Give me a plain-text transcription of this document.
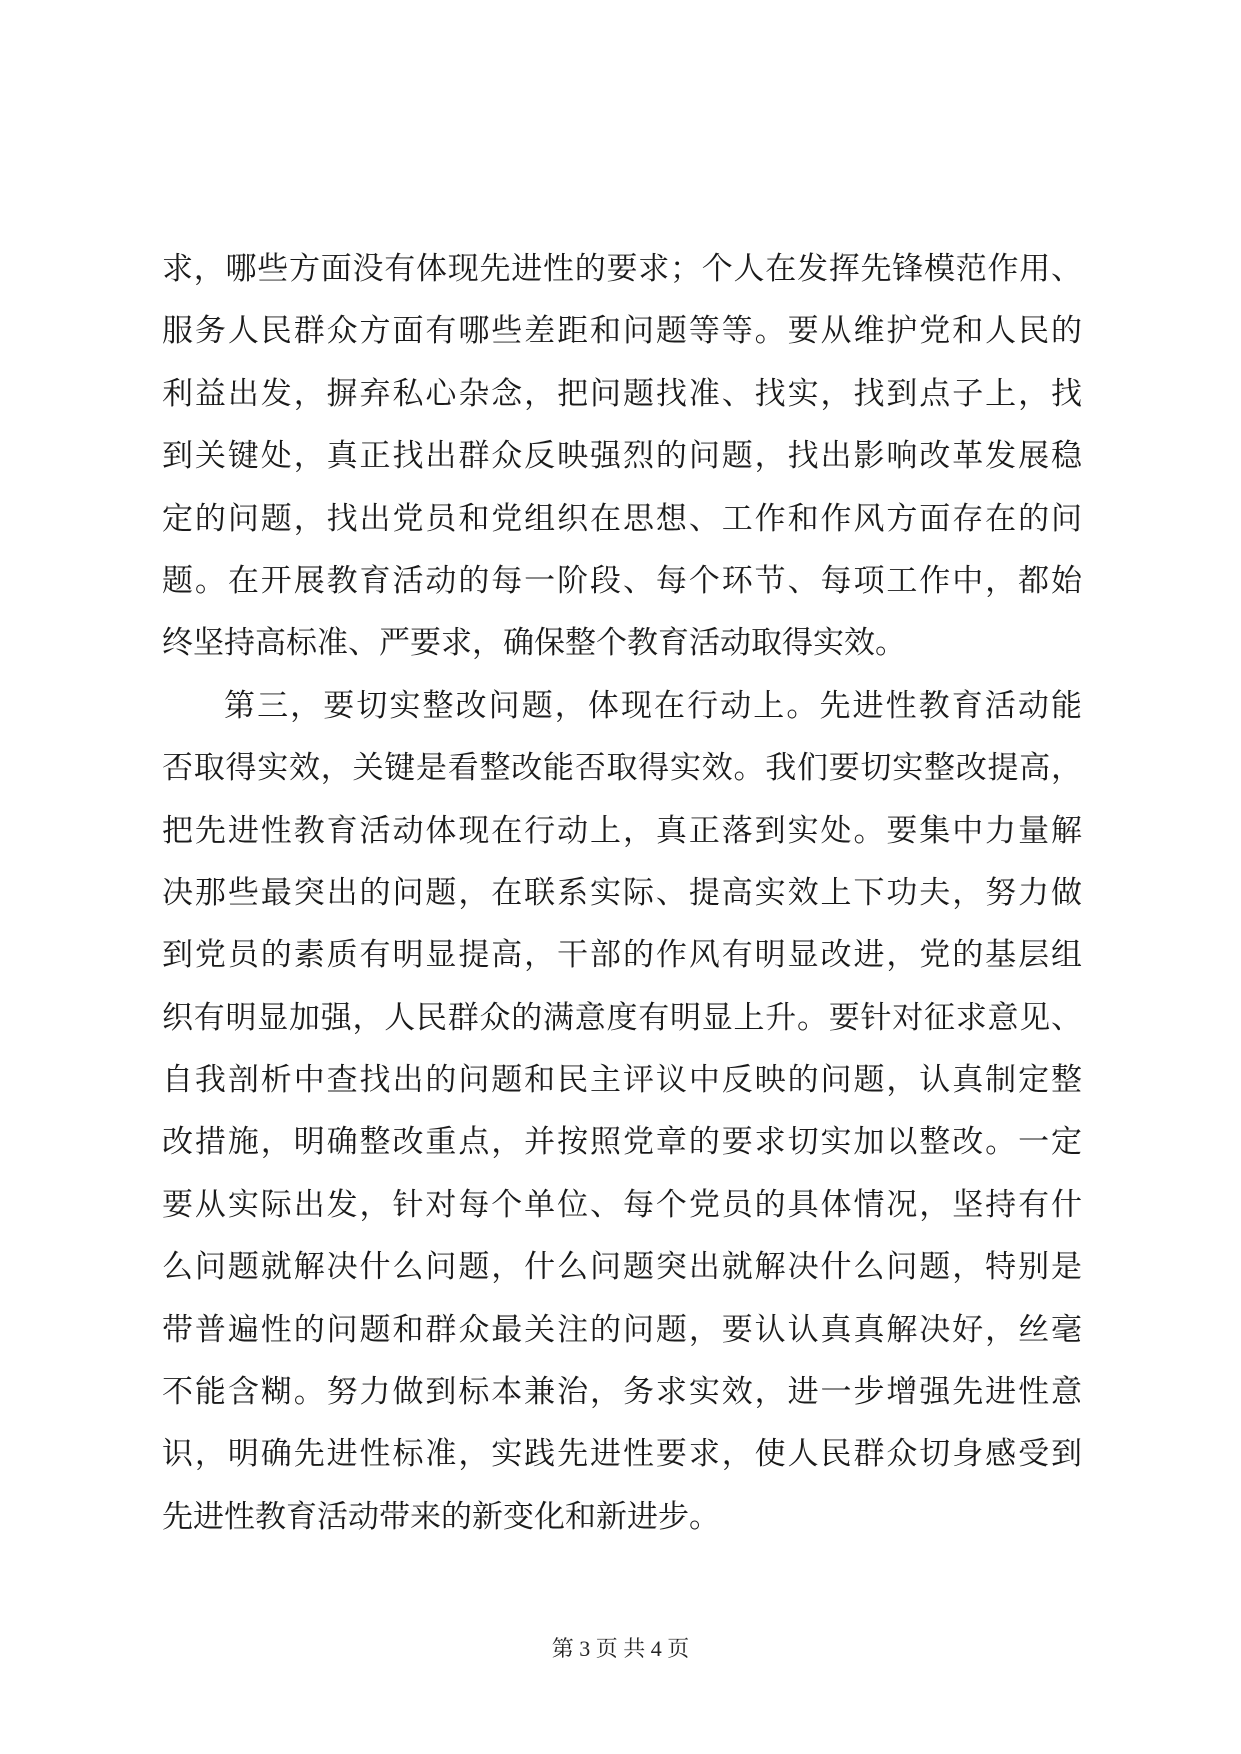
求，哪些方面没有体现先进性的要求；个人在发挥先锋模范作用、
服务人民群众方面有哪些差距和问题等等。要从维护党和人民的
利益出发，摒弃私心杂念，把问题找准、找实，找到点子上，找
到关键处，真正找出群众反映强烈的问题，找出影响改革发展稳
定的问题，找出党员和党组织在思想、工作和作风方面存在的问
题。在开展教育活动的每一阶段、每个环节、每项工作中，都始
终坚持高标准、严要求，确保整个教育活动取得实效。
第三，要切实整改问题，体现在行动上。先进性教育活动能
否取得实效，关键是看整改能否取得实效。我们要切实整改提高，
把先进性教育活动体现在行动上，真正落到实处。要集中力量解
决那些最突出的问题，在联系实际、提高实效上下功夫，努力做
到党员的素质有明显提高，干部的作风有明显改进，党的基层组
织有明显加强，人民群众的满意度有明显上升。要针对征求意见、
自我剖析中查找出的问题和民主评议中反映的问题，认真制定整
改措施，明确整改重点，并按照党章的要求切实加以整改。一定
要从实际出发，针对每个单位、每个党员的具体情况，坚持有什
么问题就解决什么问题，什么问题突出就解决什么问题，特别是
带普遍性的问题和群众最关注的问题，要认认真真解决好，丝毫
不能含糊。努力做到标本兼治，务求实效，进一步增强先进性意
识，明确先进性标准，实践先进性要求，使人民群众切身感受到
先进性教育活动带来的新变化和新进步。
第 3 页 共 4 页
